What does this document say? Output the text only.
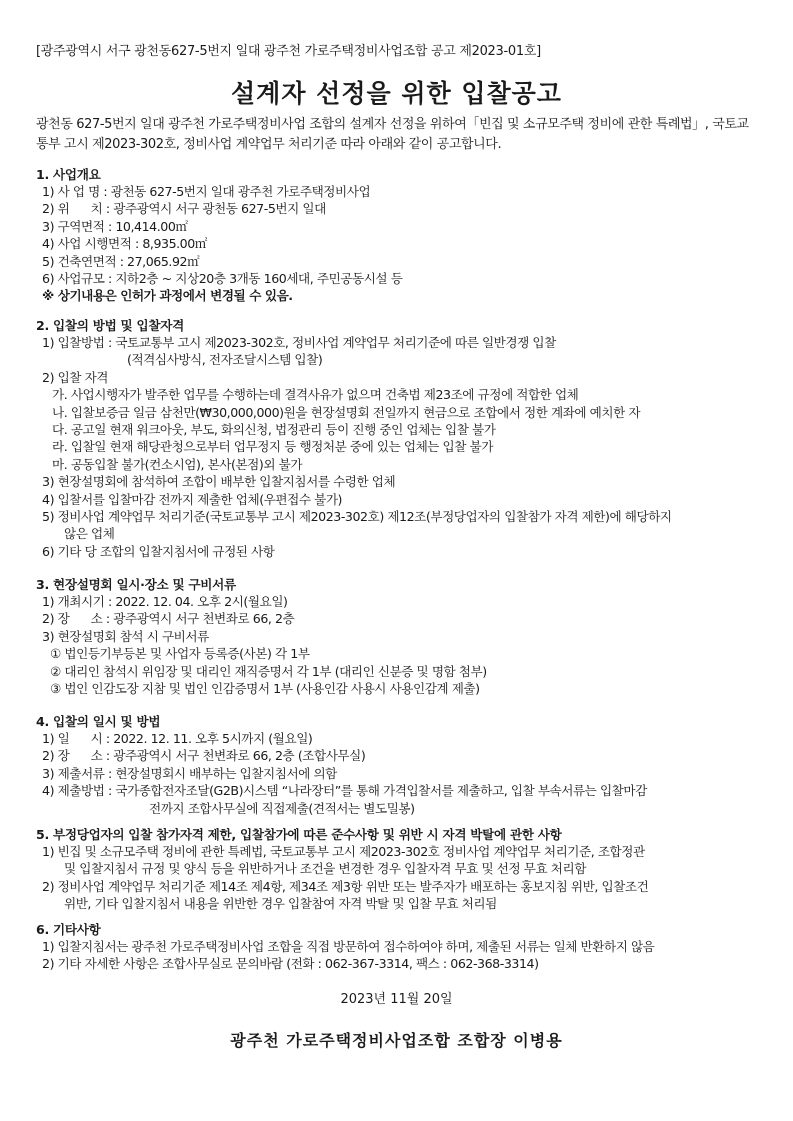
[광주광역시 서구 광천동627-5번지 일대 광주천 가로주택정비사업조합 공고 제2023-01호]
설계자 선정을 위한 입찰공고
광천동 627-5번지 일대 광주천 가로주택정비사업 조합의 설계자 선정을 위하여「빈집 및 소규모주택 정비에 관한 특례법」, 국토교통부 고시 제2023-302호, 정비사업 계약업무 처리기준 따라 아래와 같이 공고합니다.
1. 사업개요
1) 사 업 명 : 광천동 627-5번지 일대 광주천 가로주택정비사업
2) 위      치 : 광주광역시 서구 광천동 627-5번지 일대
3) 구역면적 : 10,414.00㎡
4) 사업 시행면적 : 8,935.00㎡
5) 건축연면적 : 27,065.92㎡
6) 사업규모 : 지하2층 ~ 지상20층 3개동 160세대, 주민공동시설 등
※ 상기내용은 인허가 과정에서 변경될 수 있음.
2. 입찰의 방법 및 입찰자격
1) 입찰방법 : 국토교통부 고시 제2023-302호, 정비사업 계약업무 처리기준에 따른 일반경쟁 입찰
(적격심사방식, 전자조달시스템 입찰)
2) 입찰 자격
가. 사업시행자가 발주한 업무를 수행하는데 결격사유가 없으며 건축법 제23조에 규정에 적합한 업체
나. 입찰보증금 일금 삼천만(₩30,000,000)원을 현장설명회 전일까지 현금으로 조합에서 정한 계좌에 예치한 자
다. 공고일 현재 워크아웃, 부도, 화의신청, 법정관리 등이 진행 중인 업체는 입찰 불가
라. 입찰일 현재 해당관청으로부터 업무정지 등 행정처분 중에 있는 업체는 입찰 불가
마. 공동입찰 불가(컨소시엄), 본사(본점)외 불가
3) 현장설명회에 참석하여 조합이 배부한 입찰지침서를 수령한 업체
4) 입찰서를 입찰마감 전까지 제출한 업체(우편접수 불가)
5) 정비사업 계약업무 처리기준(국토교통부 고시 제2023-302호) 제12조(부정당업자의 입찰참가 자격 제한)에 해당하지
않은 업체
6) 기타 당 조합의 입찰지침서에 규정된 사항
3. 현장설명회 일시·장소 및 구비서류
1) 개최시기 : 2022. 12. 04. 오후 2시(월요일)
2) 장      소 : 광주광역시 서구 천변좌로 66, 2층
3) 현장설명회 참석 시 구비서류
① 법인등기부등본 및 사업자 등록증(사본) 각 1부
② 대리인 참석시 위임장 및 대리인 재직증명서 각 1부 (대리인 신분증 및 명함 첨부)
③ 법인 인감도장 지참 및 법인 인감증명서 1부 (사용인감 사용시 사용인감계 제출)
4. 입찰의 일시 및 방법
1) 일      시 : 2022. 12. 11. 오후 5시까지 (월요일)
2) 장      소 : 광주광역시 서구 천변좌로 66, 2층 (조합사무실)
3) 제출서류 : 현장설명회시 배부하는 입찰지침서에 의함
4) 제출방법 : 국가종합전자조달(G2B)시스템 “나라장터”를 통해 가격입찰서를 제출하고, 입찰 부속서류는 입찰마감
전까지 조합사무실에 직접제출(견적서는 별도밀봉)
5. 부정당업자의 입찰 참가자격 제한, 입찰참가에 따른 준수사항 및 위반 시 자격 박탈에 관한 사항
1) 빈집 및 소규모주택 정비에 관한 특례법, 국토교통부 고시 제2023-302호 정비사업 계약업무 처리기준, 조합정관
및 입찰지침서 규정 및 양식 등을 위반하거나 조건을 변경한 경우 입찰자격 무효 및 선정 무효 처리함
2) 정비사업 계약업무 처리기준 제14조 제4항, 제34조 제3항 위반 또는 발주자가 배포하는 홍보지침 위반, 입찰조건
위반, 기타 입찰지침서 내용을 위반한 경우 입찰참여 자격 박탈 및 입찰 무효 처리됨
6. 기타사항
1) 입찰지침서는 광주천 가로주택정비사업 조합을 직접 방문하여 접수하여야 하며, 제출된 서류는 일체 반환하지 않음
2) 기타 자세한 사항은 조합사무실로 문의바람 (전화 : 062-367-3314, 팩스 : 062-368-3314)
2023년 11월 20일
광주천 가로주택정비사업조합 조합장 이병용
